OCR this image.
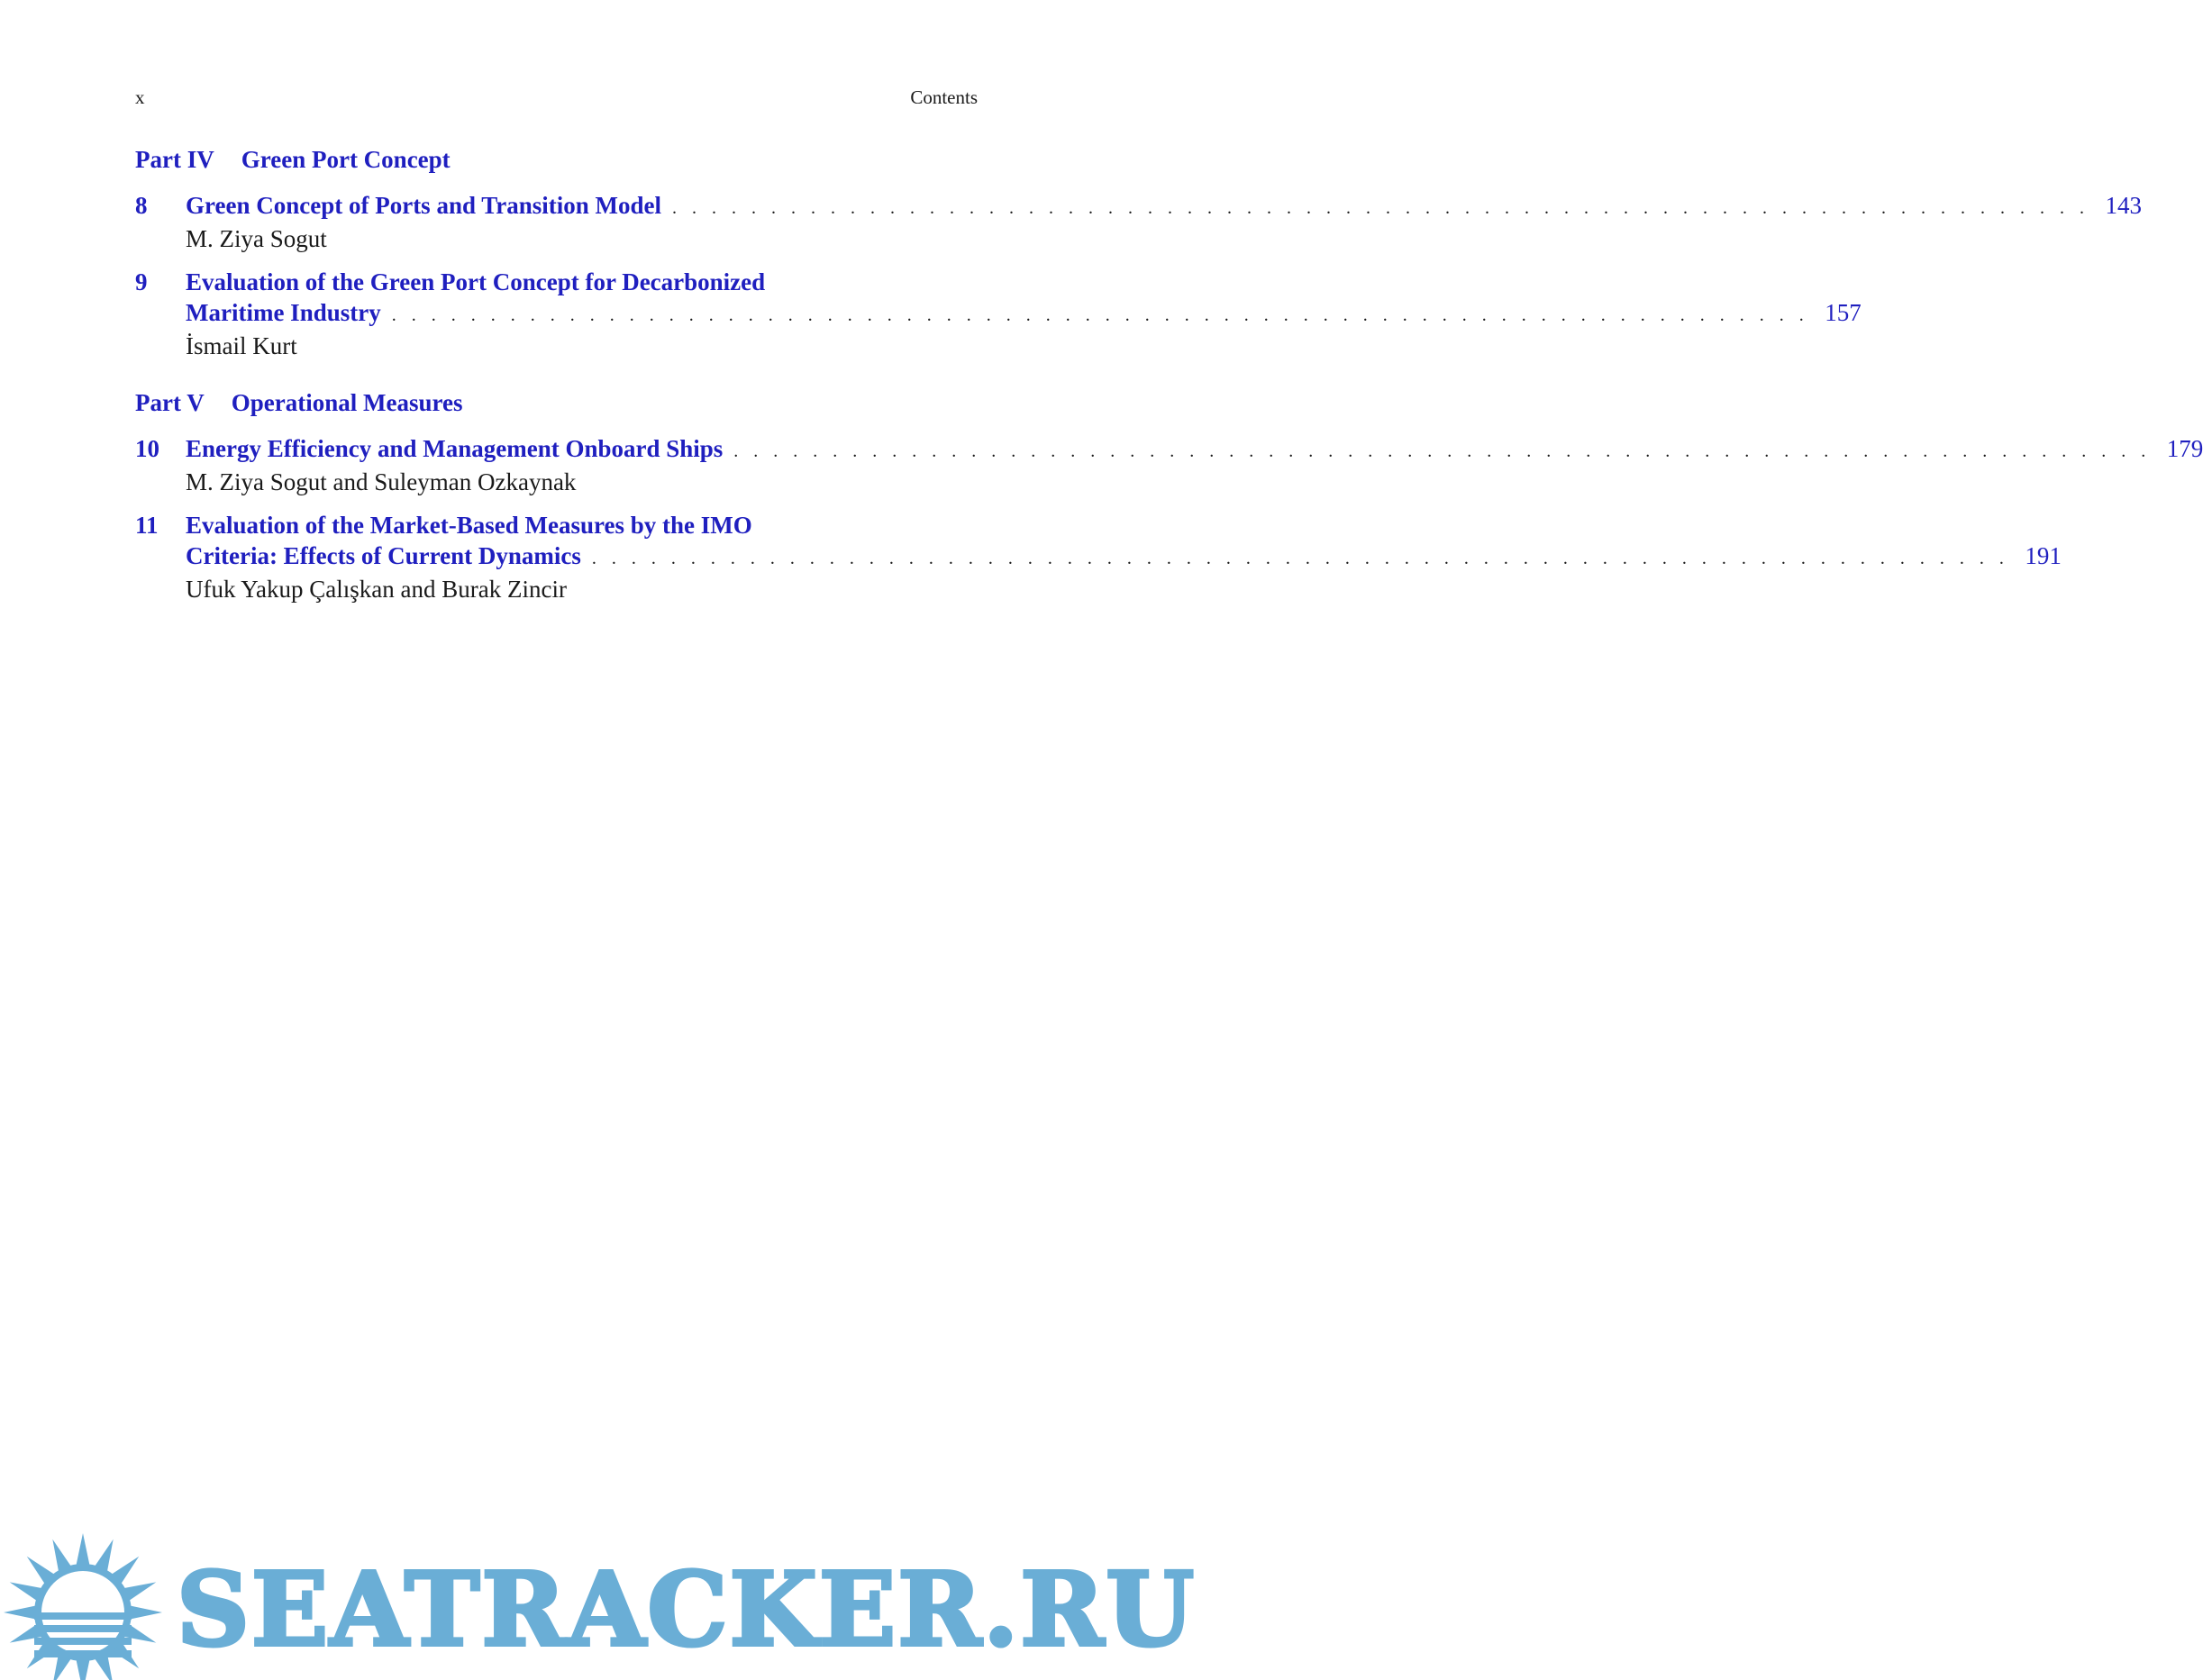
x	Contents
Part IV Green Port Concept
8	Green Concept of Ports and Transition Model . . .	143
M. Ziya Sogut
9	Evaluation of the Green Port Concept for Decarbonized
Maritime Industry . . .	157
İsmail Kurt
Part V Operational Measures
10	Energy Efficiency and Management Onboard Ships . . .	179
M. Ziya Sogut and Suleyman Ozkaynak
11	Evaluation of the Market-Based Measures by the IMO
Criteria: Effects of Current Dynamics . . .	191
Ufuk Yakup Çalışkan and Burak Zincir
SEATRACKER.RU
